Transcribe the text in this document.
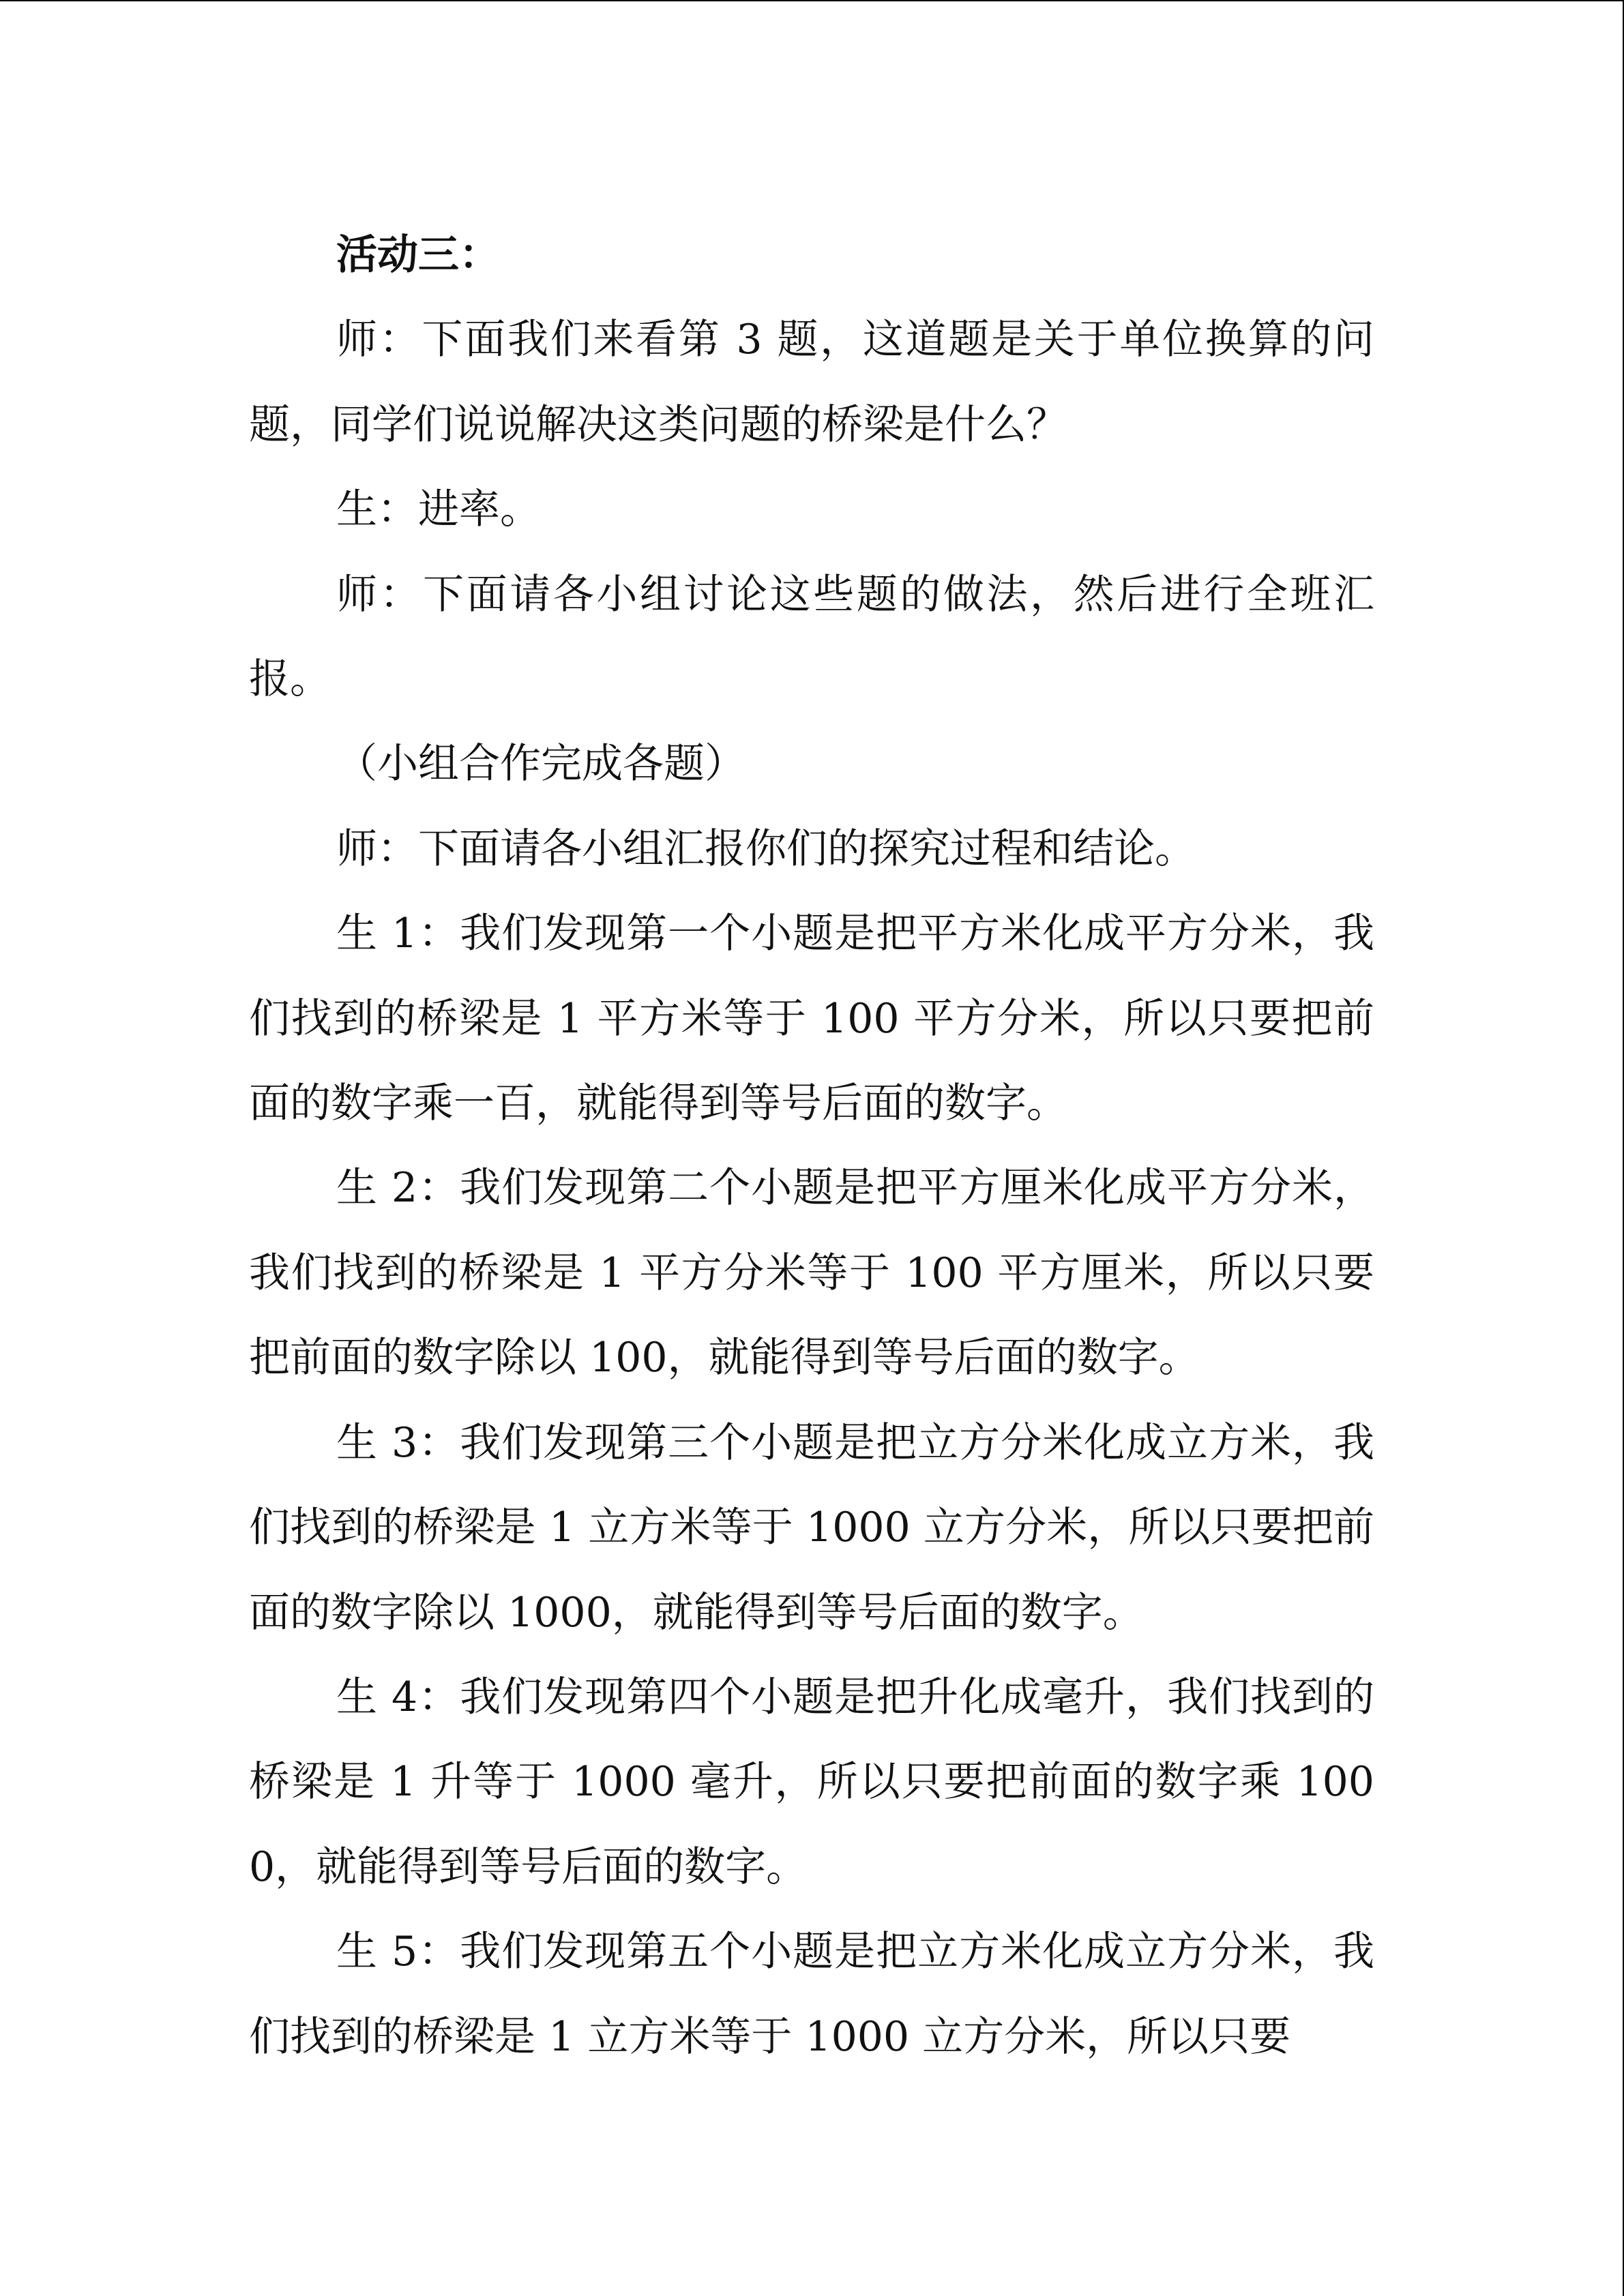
活动三：

师：下面我们来看第 3 题，这道题是关于单位换算的问题，同学们说说解决这类问题的桥梁是什么？

生：进率。

师：下面请各小组讨论这些题的做法，然后进行全班汇报。

（小组合作完成各题）

师：下面请各小组汇报你们的探究过程和结论。

生 1：我们发现第一个小题是把平方米化成平方分米，我们找到的桥梁是 1 平方米等于 100 平方分米，所以只要把前面的数字乘一百，就能得到等号后面的数字。

生 2：我们发现第二个小题是把平方厘米化成平方分米，我们找到的桥梁是 1 平方分米等于 100 平方厘米，所以只要把前面的数字除以 100，就能得到等号后面的数字。

生 3：我们发现第三个小题是把立方分米化成立方米，我们找到的桥梁是 1 立方米等于 1000 立方分米，所以只要把前面的数字除以 1000，就能得到等号后面的数字。

生 4：我们发现第四个小题是把升化成毫升，我们找到的桥梁是 1 升等于 1000 毫升，所以只要把前面的数字乘 1000，就能得到等号后面的数字。

生 5：我们发现第五个小题是把立方米化成立方分米，我们找到的桥梁是 1 立方米等于 1000 立方分米，所以只要
